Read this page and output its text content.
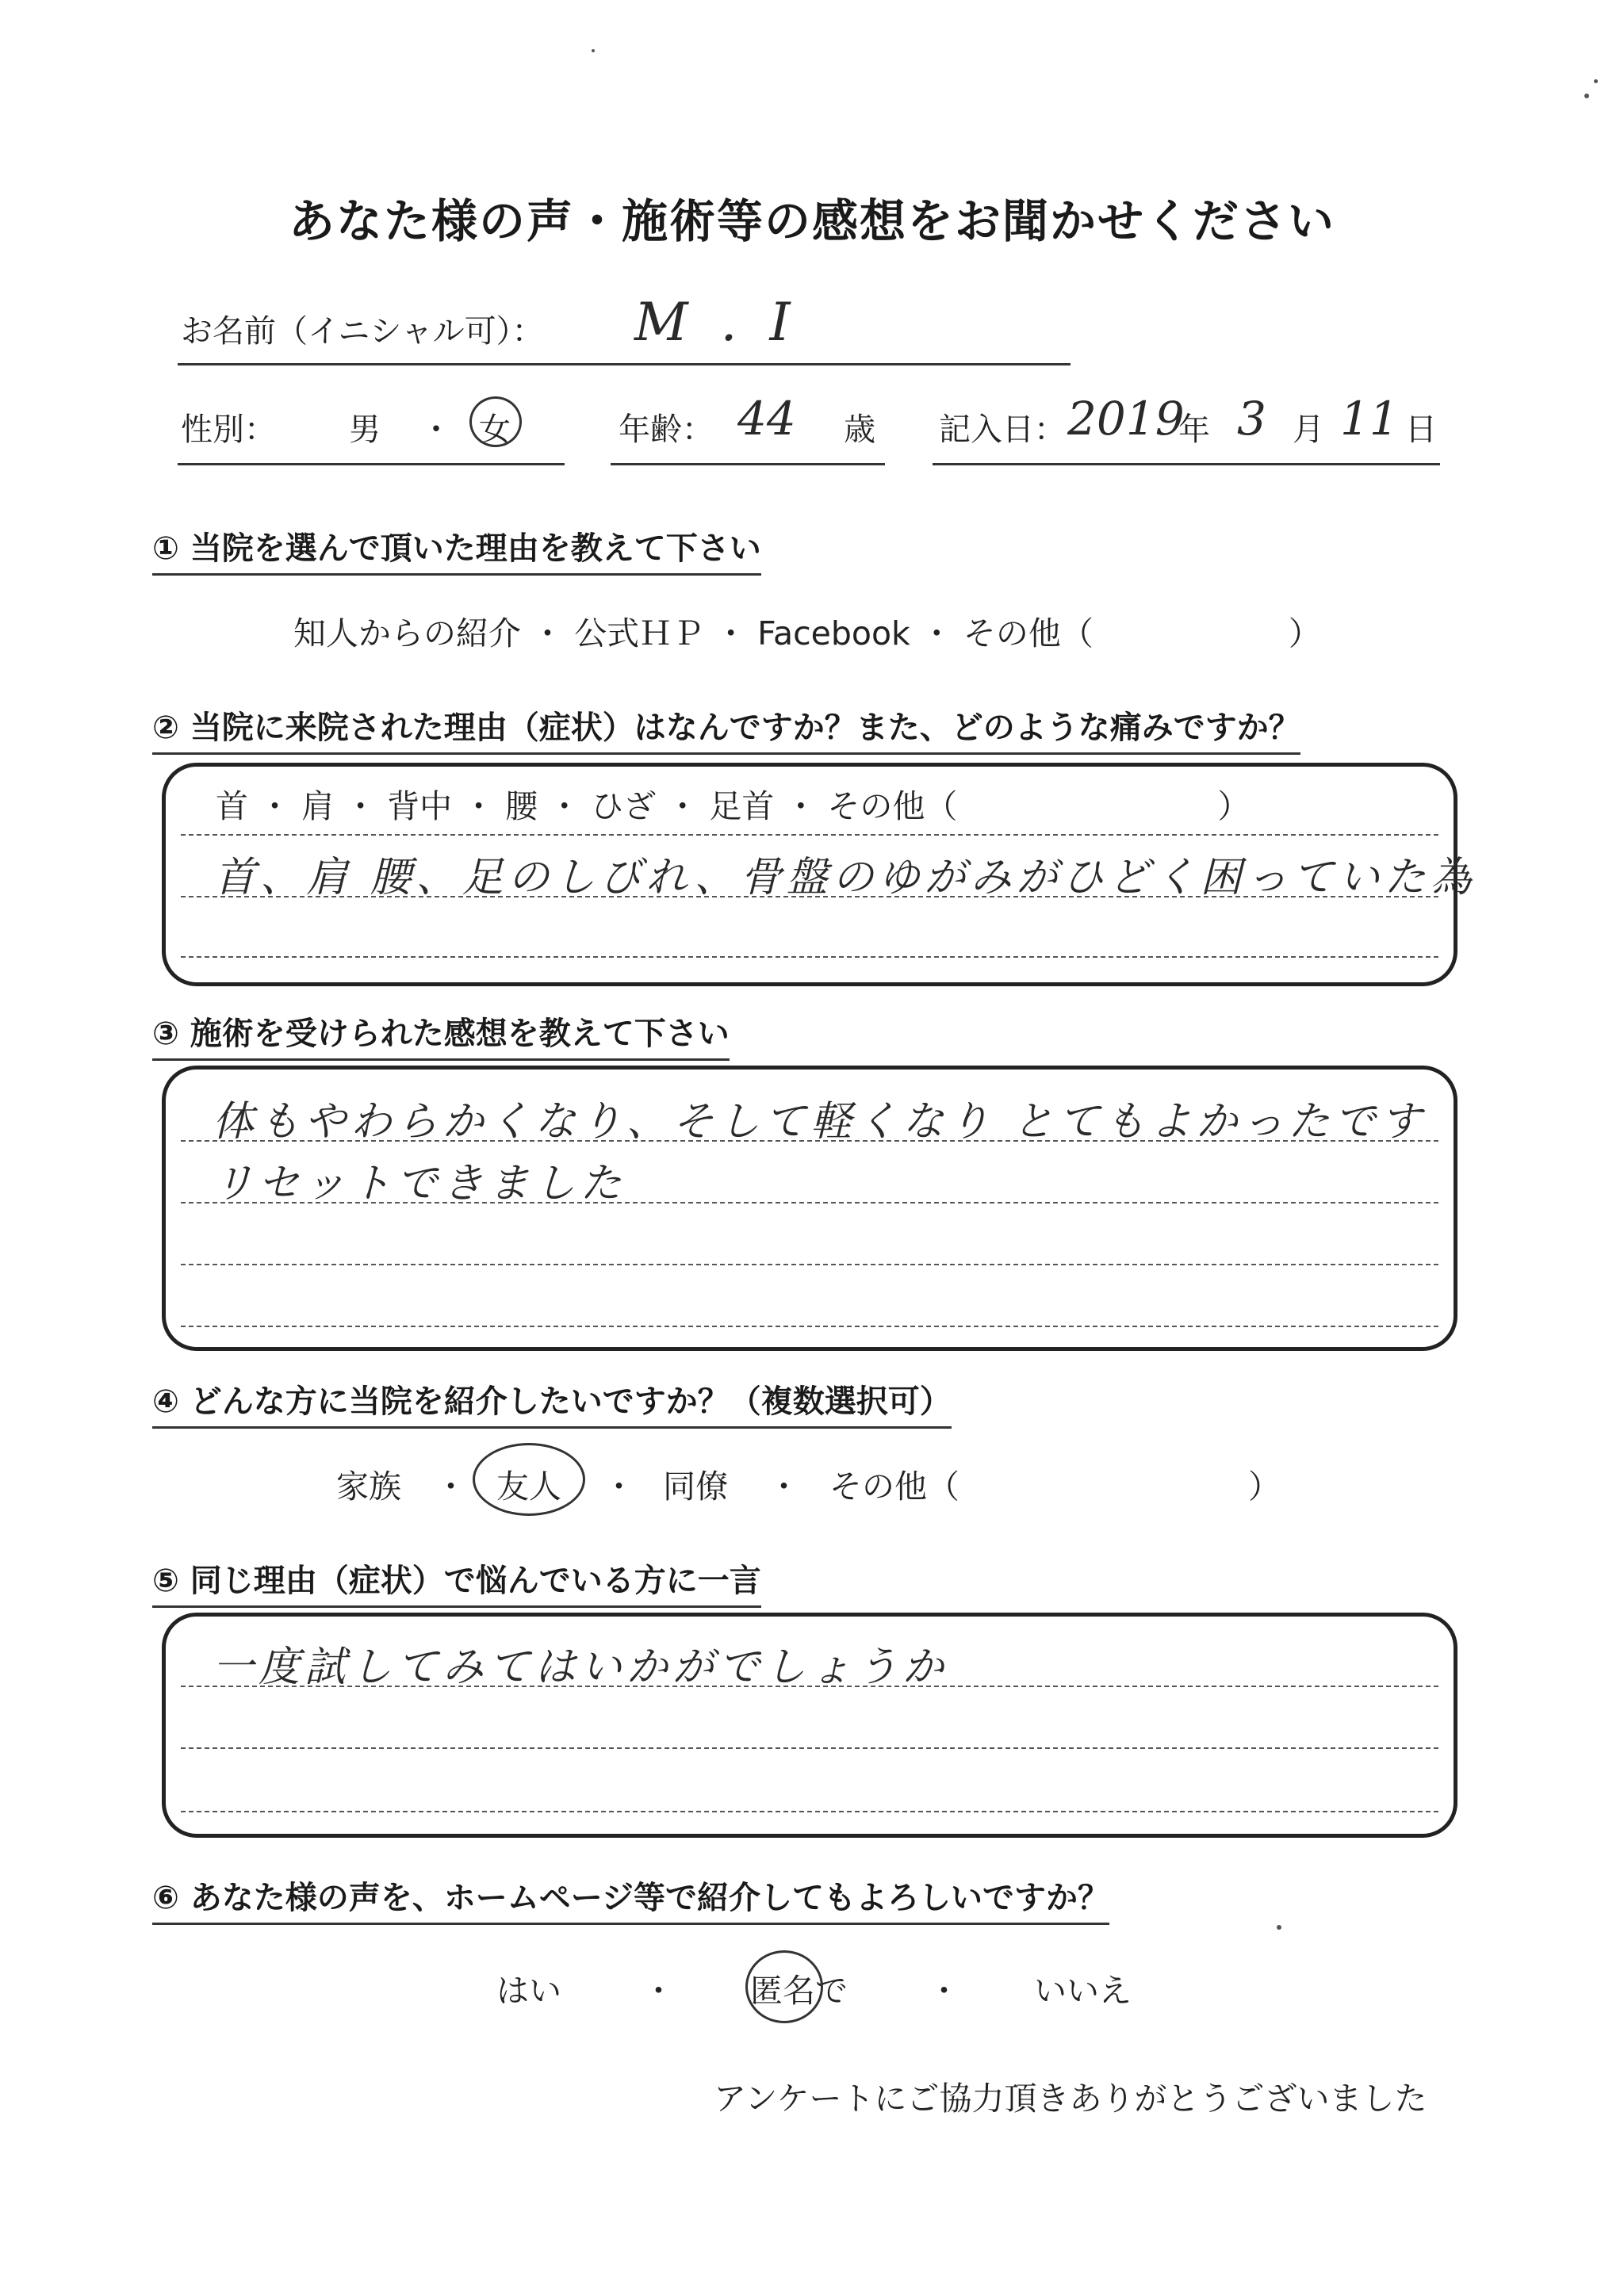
あなた様の声・施術等の感想をお聞かせください
お名前（イニシャル可）： M . I
性別： 男 ・ 女	年齢： 44 歳 記入日： 2019
年 3 月 11 日
① 当院を選んで頂いた理由を教えて下さい
知人からの紹介 ・ 公式ＨＰ ・ Facebook ・ その他（　　　　　　）
② 当院に来院された理由（症状）はなんですか？また、どのような痛みですか？
首 ・ 肩 ・ 背中 ・ 腰 ・ ひざ ・ 足首 ・ その他（　　　　　　　　）
首、肩 腰、足のしびれ、骨盤のゆがみがひどく困っていた為
③ 施術を受けられた感想を教えて下さい
体もやわらかくなり、そして軽くなり とてもよかったです
リセットできました
④ どんな方に当院を紹介したいですか？（複数選択可）
家族 ・ 友人 ・ 同僚 ・ その他（	）
⑤ 同じ理由（症状）で悩んでいる方に一言
一度試してみてはいかがでしょうか
⑥ あなた様の声を、ホームページ等で紹介してもよろしいですか？
はい ・ 匿名で ・ いいえ
アンケートにご協力頂きありがとうございました
